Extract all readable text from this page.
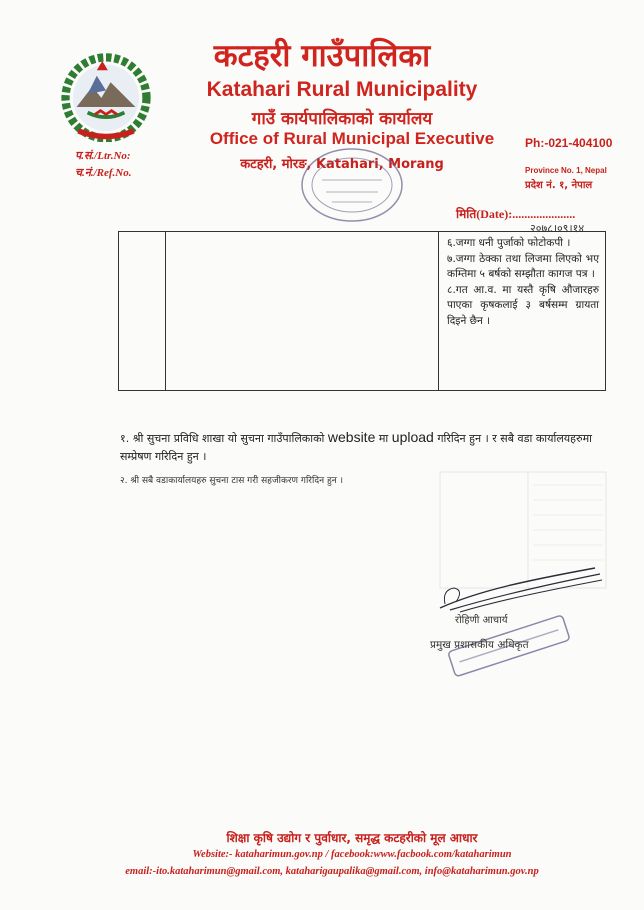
कटहरी गाउँपालिका
Katahari Rural Municipality
गाउँ कार्यपालिकाको कार्यालय
Office of Rural Municipal Executive
कटहरी, मोरङ, Katahari, Morang
Ph:-021-404100
Province No. 1, Nepal
प्रदेश नं. १, नेपाल
प.सं./Ltr.No:
च.नं./Ref.No.
मिति(Date):.....................
२०७८।०९।१४
६.जग्गा धनी पुर्जाको फोटोकपी ।
७.जग्गा ठेक्का तथा लिजमा लिएको भए कम्तिमा ५ बर्षको सम्झौता कागज पत्र ।
८.गत आ.व. मा यस्तै कृषि औजारहरु पाएका कृषकलाई ३ बर्षसम्म ग्रायता दिइने छैन ।
१. श्री सुचना प्रविधि शाखा यो सुचना गाउँपालिकाको website मा upload गरिदिन हुन । र सबै वडा कार्यालयहरुमा सम्प्रेषण गरिदिन हुन ।
२. श्री सबै वडाकार्यालयहरु सुचना टास गरी सहजीकरण गरिदिन हुन ।
रोहिणी आचार्य
प्रमुख प्रशासकीय अधिकृत
शिक्षा कृषि उद्योग र पुर्वाधार, समृद्ध कटहरीको मूल आधार
Website:- kataharimun.gov.np / facebook:www.facbook.com/kataharimun
email:-ito.kataharimun@gmail.com, kataharigaupalika@gmail.com, info@kataharimun.gov.np
